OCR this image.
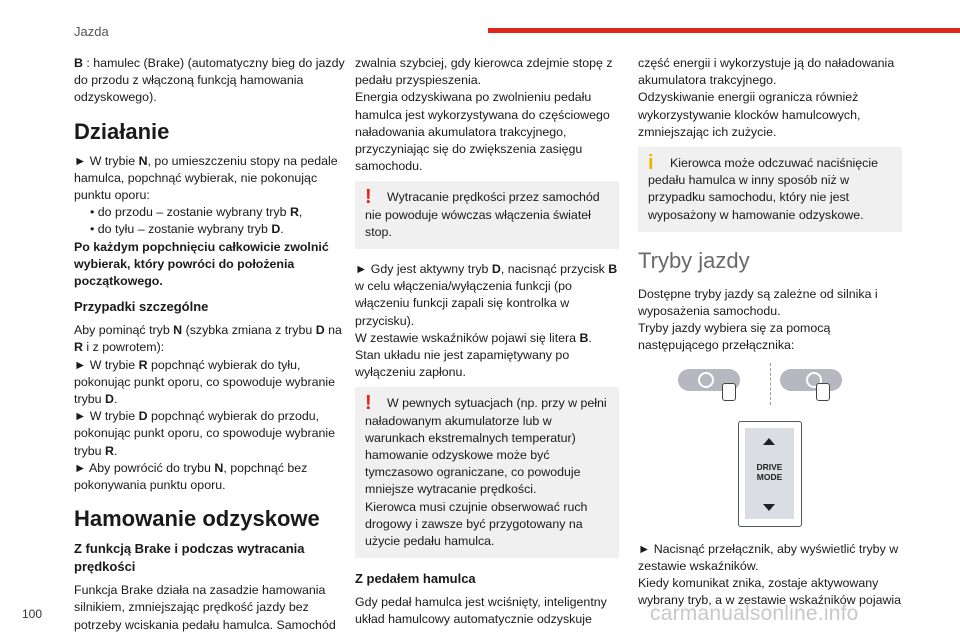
Jazda

B : hamulec (Brake) (automatyczny bieg do jazdy do przodu z włączoną funkcją hamowania odzyskowego).

Działanie

► W trybie N, po umieszczeniu stopy na pedale hamulca, popchnąć wybierak, nie pokonując punktu oporu:

• do przodu – zostanie wybrany tryb R,
• do tyłu – zostanie wybrany tryb D.

Po każdym popchnięciu całkowicie zwolnić wybierak, który powróci do położenia początkowego.

Przypadki szczególne

Aby pominąć tryb N (szybka zmiana z trybu D na R i z powrotem):

► W trybie R popchnąć wybierak do tyłu, pokonując punkt oporu, co spowoduje wybranie trybu D.

► W trybie D popchnąć wybierak do przodu, pokonując punkt oporu, co spowoduje wybranie trybu R.

► Aby powrócić do trybu N, popchnąć bez pokonywania punktu oporu.

Hamowanie odzyskowe
Z funkcją Brake i podczas wytracania prędkości

Funkcja Brake działa na zasadzie hamowania silnikiem, zmniejszając prędkość jazdy bez potrzeby wciskania pedału hamulca. Samochód

zwalnia szybciej, gdy kierowca zdejmie stopę z pedału przyspieszenia.

Energia odzyskiwana po zwolnieniu pedału hamulca jest wykorzystywana do częściowego naładowania akumulatora trakcyjnego, przyczyniając się do zwiększenia zasięgu samochodu.

!	Wytracanie prędkości przez samochód nie powoduje wówczas włączenia świateł stop.

► Gdy jest aktywny tryb D, nacisnąć przycisk B w celu włączenia/wyłączenia funkcji (po włączeniu funkcji zapali się kontrolka w przycisku).

W zestawie wskaźników pojawi się litera B.

Stan układu nie jest zapamiętywany po wyłączeniu zapłonu.

!	W pewnych sytuacjach (np. przy w pełni naładowanym akumulatorze lub w warunkach ekstremalnych temperatur) hamowanie odzyskowe może być tymczasowo ograniczane, co powoduje mniejsze wytracanie prędkości.
Kierowca musi czujnie obserwować ruch drogowy i zawsze być przygotowany na użycie pedału hamulca.
Z pedałem hamulca

Gdy pedał hamulca jest wciśnięty, inteligentny układ hamulcowy automatycznie odzyskuje

część energii i wykorzystuje ją do naładowania akumulatora trakcyjnego.

Odzyskiwanie energii ogranicza również wykorzystywanie klocków hamulcowych, zmniejszając ich zużycie.

i	Kierowca może odczuwać naciśnięcie pedału hamulca w inny sposób niż w przypadku samochodu, który nie jest wyposażony w hamowanie odzyskowe.
Tryby jazdy

Dostępne tryby jazdy są zależne od silnika i wyposażenia samochodu.

Tryby jazdy wybiera się za pomocą następującego przełącznika:

DRIVE
MODE

► Nacisnąć przełącznik, aby wyświetlić tryby w zestawie wskaźników.

Kiedy komunikat znika, zostaje aktywowany wybrany tryb, a w zestawie wskaźników pojawia

100	carmanualsonline.info
